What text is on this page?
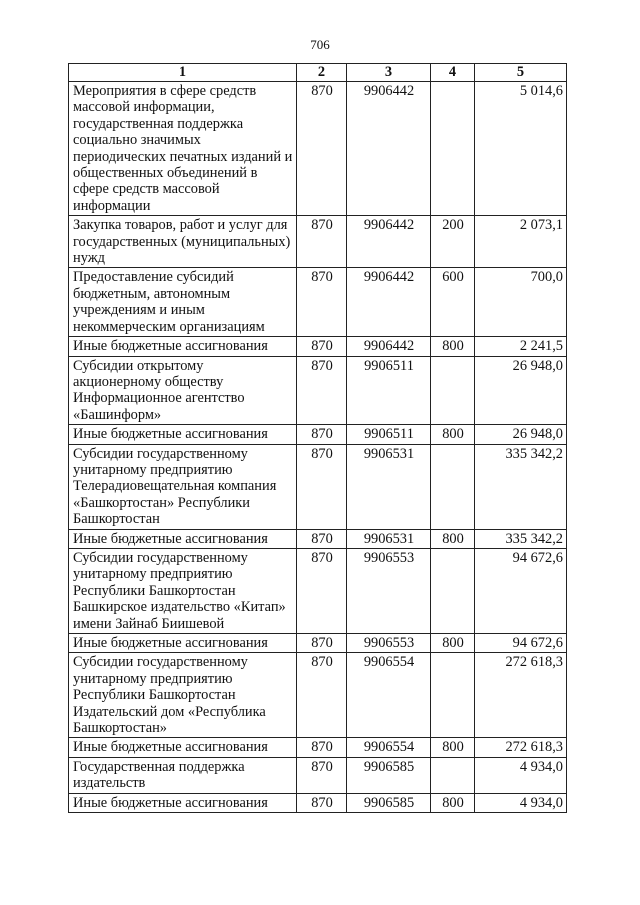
706
1	2	3	4	5
Мероприятия в сфере средств массовой информации, государственная поддержка социально значимых периодических печатных изданий и общественных объединений в сфере средств массовой информации	870	9906442		5 014,6
Закупка товаров, работ и услуг для государственных (муниципальных) нужд	870	9906442	200	2 073,1
Предоставление субсидий бюджетным, автономным учреждениям и иным некоммерческим организациям	870	9906442	600	700,0
Иные бюджетные ассигнования	870	9906442	800	2 241,5
Субсидии открытому акционерному обществу Информационное агентство «Башинформ»	870	9906511		26 948,0
Иные бюджетные ассигнования	870	9906511	800	26 948,0
Субсидии государственному унитарному предприятию Телерадиовещательная компания «Башкортостан» Республики Башкортостан	870	9906531		335 342,2
Иные бюджетные ассигнования	870	9906531	800	335 342,2
Субсидии государственному унитарному предприятию Республики Башкортостан Башкирское издательство «Китап» имени Зайнаб Биишевой	870	9906553		94 672,6
Иные бюджетные ассигнования	870	9906553	800	94 672,6
Субсидии государственному унитарному предприятию Республики Башкортостан Издательский дом «Республика Башкортостан»	870	9906554		272 618,3
Иные бюджетные ассигнования	870	9906554	800	272 618,3
Государственная поддержка издательств	870	9906585		4 934,0
Иные бюджетные ассигнования	870	9906585	800	4 934,0
